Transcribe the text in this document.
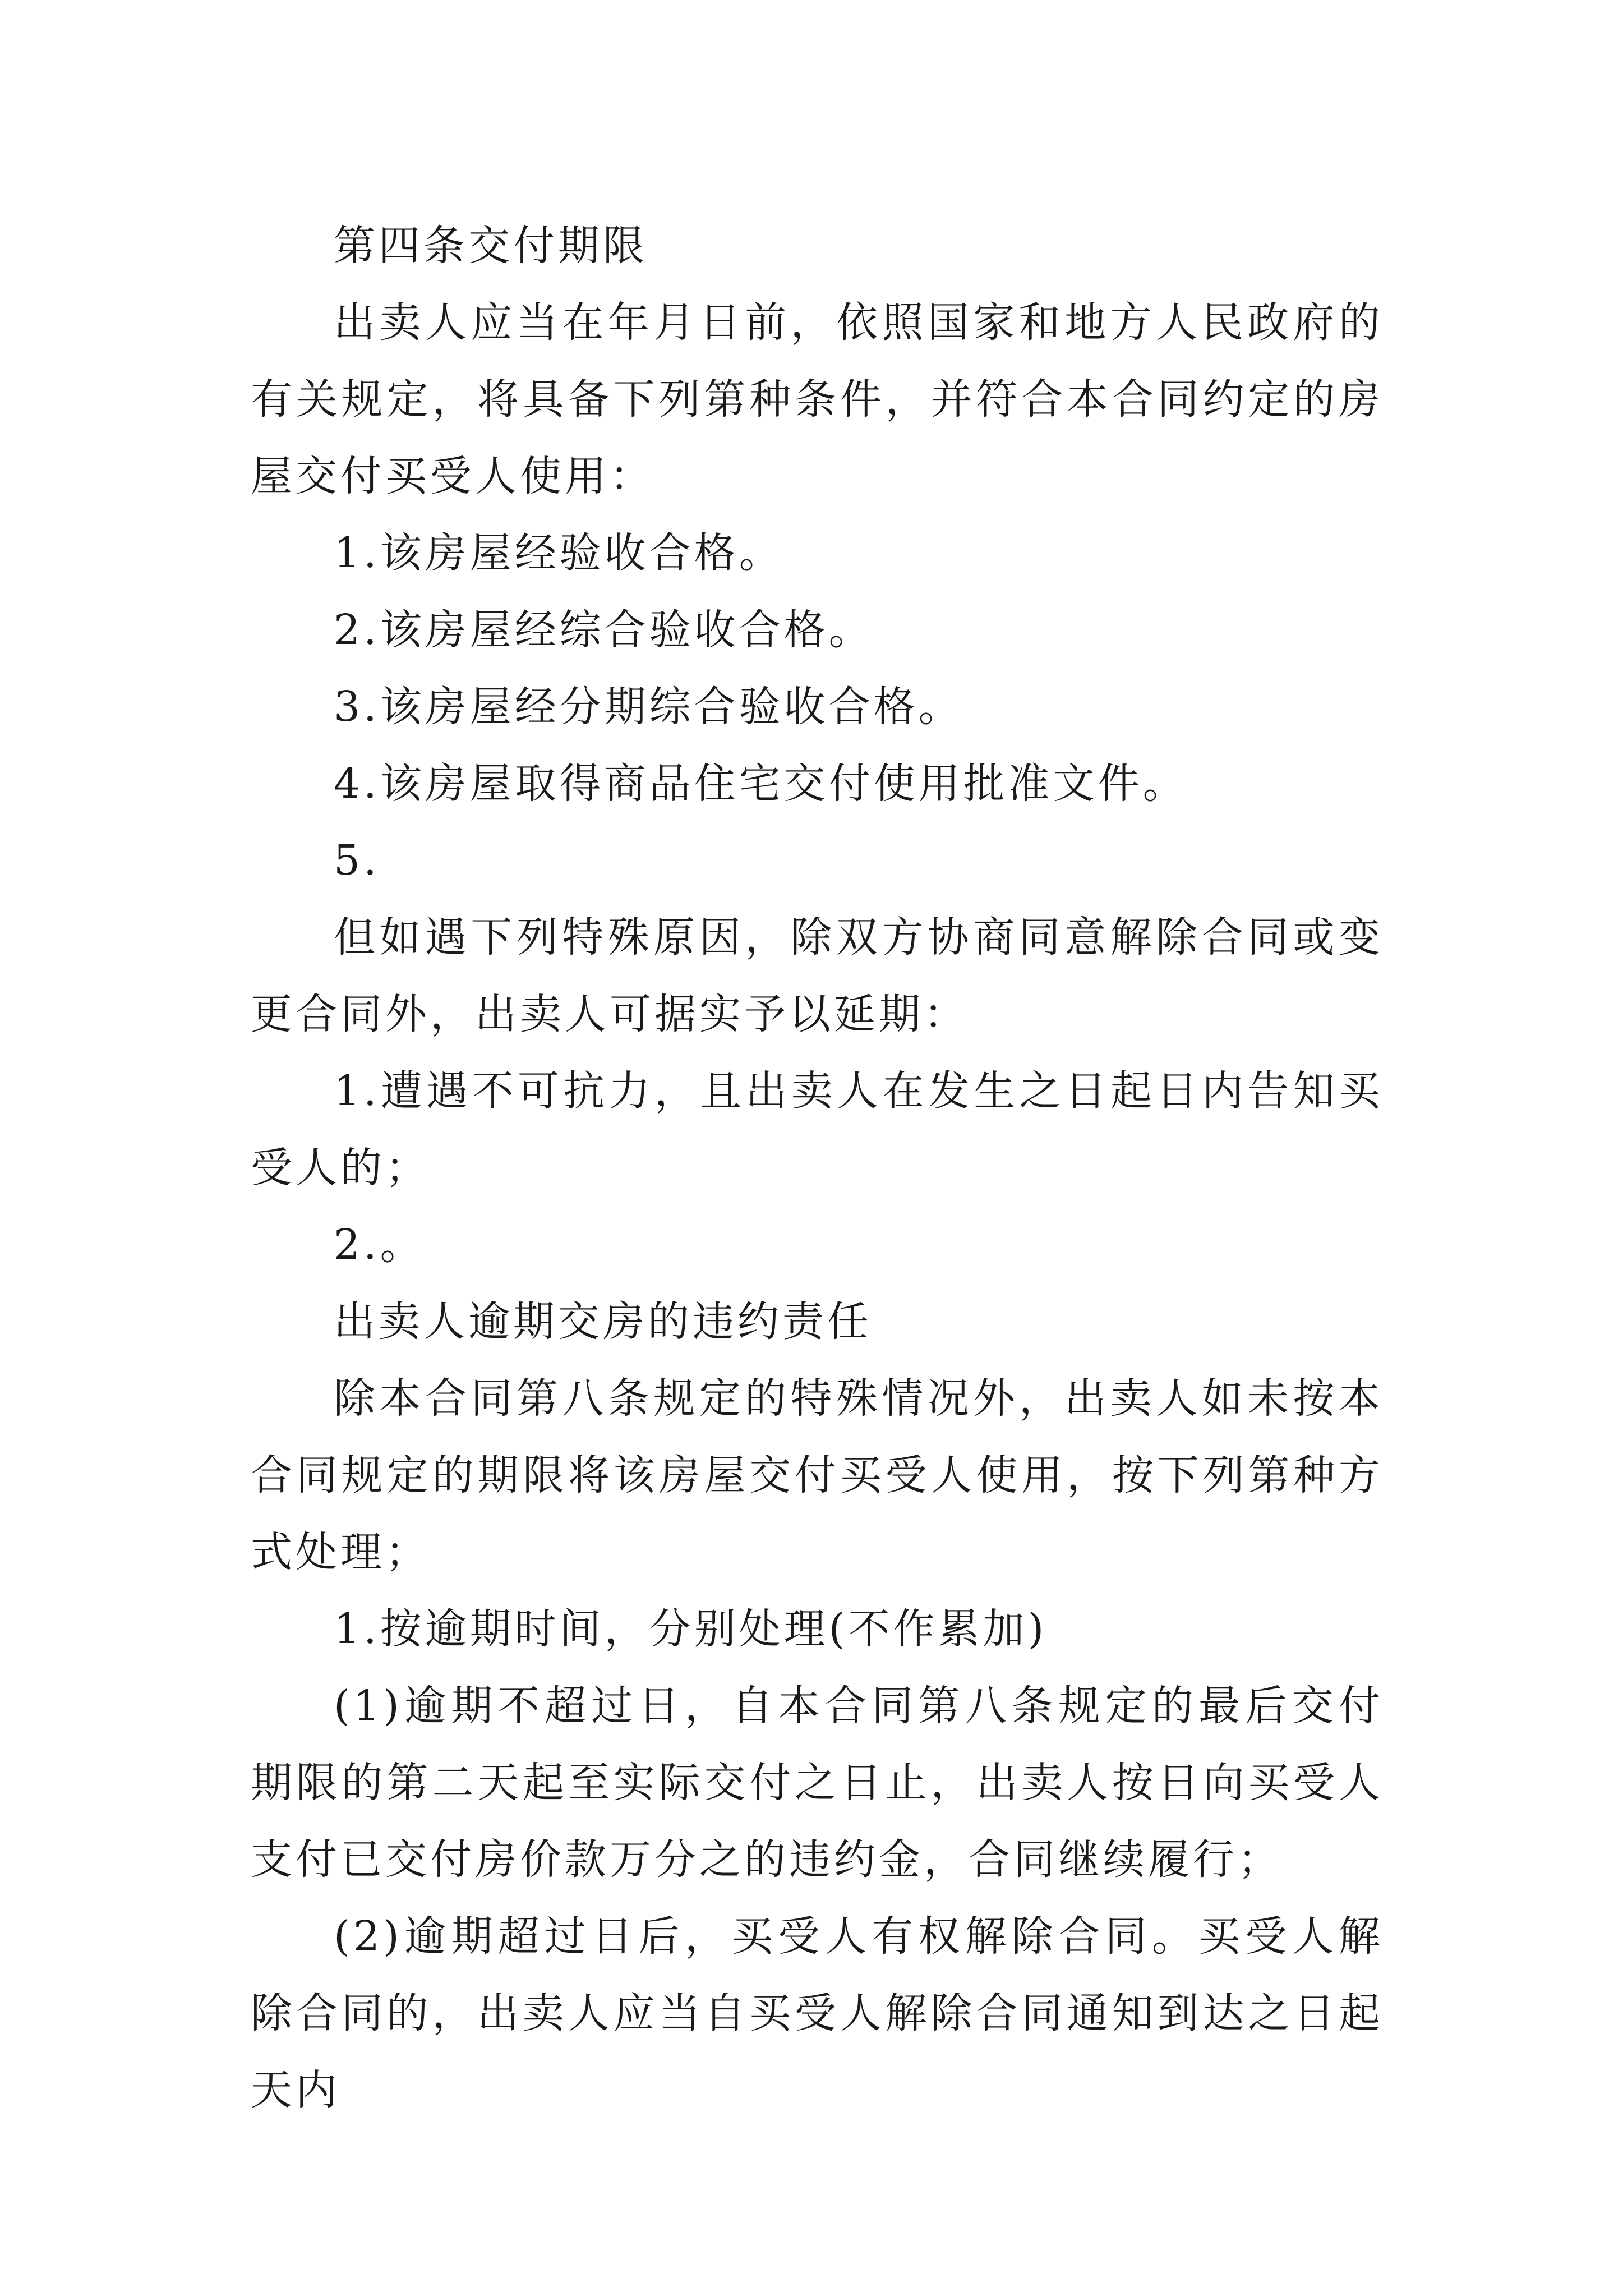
第四条交付期限

出卖人应当在年月日前，依照国家和地方人民政府的有关规定，将具备下列第种条件，并符合本合同约定的房屋交付买受人使用：

1.该房屋经验收合格。

2.该房屋经综合验收合格。

3.该房屋经分期综合验收合格。

4.该房屋取得商品住宅交付使用批准文件。

5.

但如遇下列特殊原因，除双方协商同意解除合同或变更合同外，出卖人可据实予以延期：

1.遭遇不可抗力，且出卖人在发生之日起日内告知买受人的；

2.。

出卖人逾期交房的违约责任

除本合同第八条规定的特殊情况外，出卖人如未按本合同规定的期限将该房屋交付买受人使用，按下列第种方式处理；

1.按逾期时间，分别处理(不作累加)

(1)逾期不超过日，自本合同第八条规定的最后交付期限的第二天起至实际交付之日止，出卖人按日向买受人支付已交付房价款万分之的违约金，合同继续履行；

(2)逾期超过日后，买受人有权解除合同。买受人解除合同的，出卖人应当自买受人解除合同通知到达之日起天内
